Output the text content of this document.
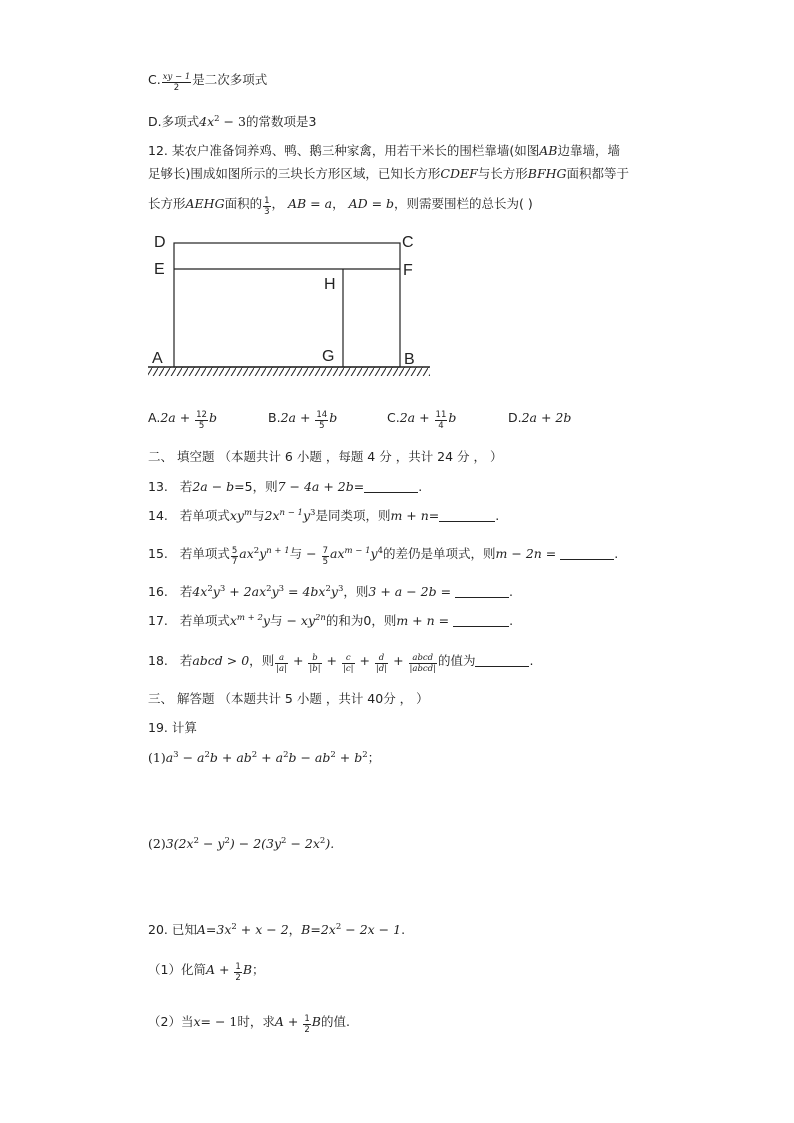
C. $\frac{xy - 1}{2}$ 是二次多项式
D.多项式$4x^2 - 3$的常数项是3
12. 某农户准备饲养鸡、鸭、鹅三种家禽，用若干米长的围栏靠墙(如图AB边靠墙，墙
足够长)围成如图所示的三块长方形区域，已知长方形CDEF与长方形BFHG面积都等于
长方形AEHG面积的 $\frac{1}{3}$ ， AB = a， AD = b，则需要围栏的总长为( )
D	C
E	F
H
A	G	B
$A.2a + \frac{12}{5}$ b	$B.2a + \frac{14}{5}$ b	$C.2a + \frac{11}{4}$ b	D.2a + 2b
二、 填空题 （本题共计 6 小题 ，每题 4 分 ，共计 24 分 ， ）
13. 若2a − b=5，则7 − 4a + 2b=	.
14. 若单项式$xy^m$与$2x^{n - 1}y^3$是同类项，则m + n=	.
15. 若单项式 $\frac{5}{7} ax^2y^{n + 1}$与 − $\frac{7}{5} ax^{m - 1}y^4$的差仍是单项式，则m − 2n =	.
16. 若$4x^2y^3 + 2ax^2y^3 = 4bx^2y^3$，则3 + a − 2b =	.
17. 若单项式$x^{m + 2}y$与 − $xy^{2n}$的和为0，则m + n =	.
18. 若abcd > 0，则 $\frac{a}{|a|} + \frac{b}{|b|} + \frac{c}{|c|} + \frac{d}{|d|}$ + abcd
|abcd|
的值为	.
三、 解答题 （本题共计 5 小题 ，共计 40分 ， ）
19. 计算
$(1)a^3 - a^2b + ab^2 + a^2b - ab^2 + b^2$；
$(2)3(2x^2 - y^2) - 2(3y^2 - 2x^2)$.
20. 已知$A=3x^2 + x - 2$，$B=2x^2 - 2x - 1$.
（1）化简$A + \frac{1}{2}$ B；
（2）当x= − 1时，求$A + \frac{1}{2}$ B的值.
